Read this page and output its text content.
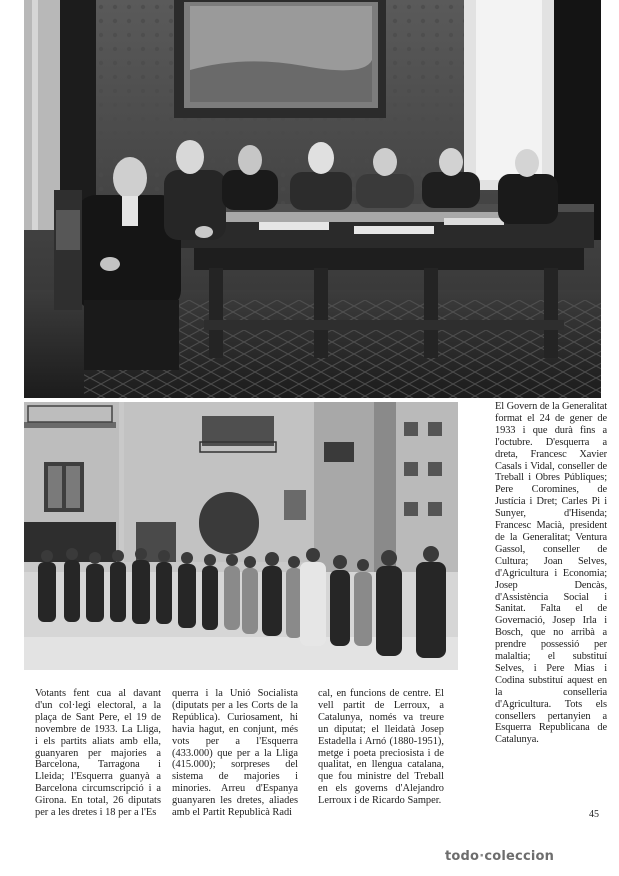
El Govern de la Generalitat format el 24 de gener de 1933 i que durà fins a l'octubre. D'esquerra a dreta, Francesc Xavier Casals i Vidal, conseller de Treball i Obres Públiques; Pere Coromines, de Justícia i Dret; Carles Pi i Sunyer, d'Hisenda; Francesc Macià, president de la Generalitat; Ventura Gassol, conseller de Cultura; Joan Selves, d'Agricultura i Economia; Josep Dencàs, d'Assistència Social i Sanitat. Falta el de Governació, Josep Irla i Bosch, que no arribà a prendre possessió per malaltia; el substituí Selves, i Pere Mias i Codina substituí aquest en la conselleria d'Agricultura. Tots els consellers pertanyien a Esquerra Republicana de Catalunya.
Votants fent cua al davant d'un col·legi electoral, a la plaça de Sant Pere, el 19 de novembre de 1933. La Lliga, i els partits aliats amb ella, guanyaren per majories a Barcelona, Tarragona i Lleida; l'Esquerra guanyà a Barcelona circumscripció i a Girona. En total, 26 diputats per a les dretes i 18 per a l'Es
querra i la Unió Socialista (diputats per a les Corts de la República). Curiosament, hi havia hagut, en conjunt, més vots per a l'Esquerra (433.000) que per a la Lliga (415.000); sorpreses del sistema de majories i minories. Arreu d'Espanya guanyaren les dretes, aliades amb el Partit Republicà Radi
cal, en funcions de centre. El vell partit de Lerroux, a Catalunya, només va treure un diputat; el lleidatà Josep Estadella i Arnó (1880-1951), metge i poeta preciosista i de qualitat, en llengua catalana, que fou ministre del Treball en els governs d'Alejandro Lerroux i de Ricardo Samper.
45
todo·coleccion
